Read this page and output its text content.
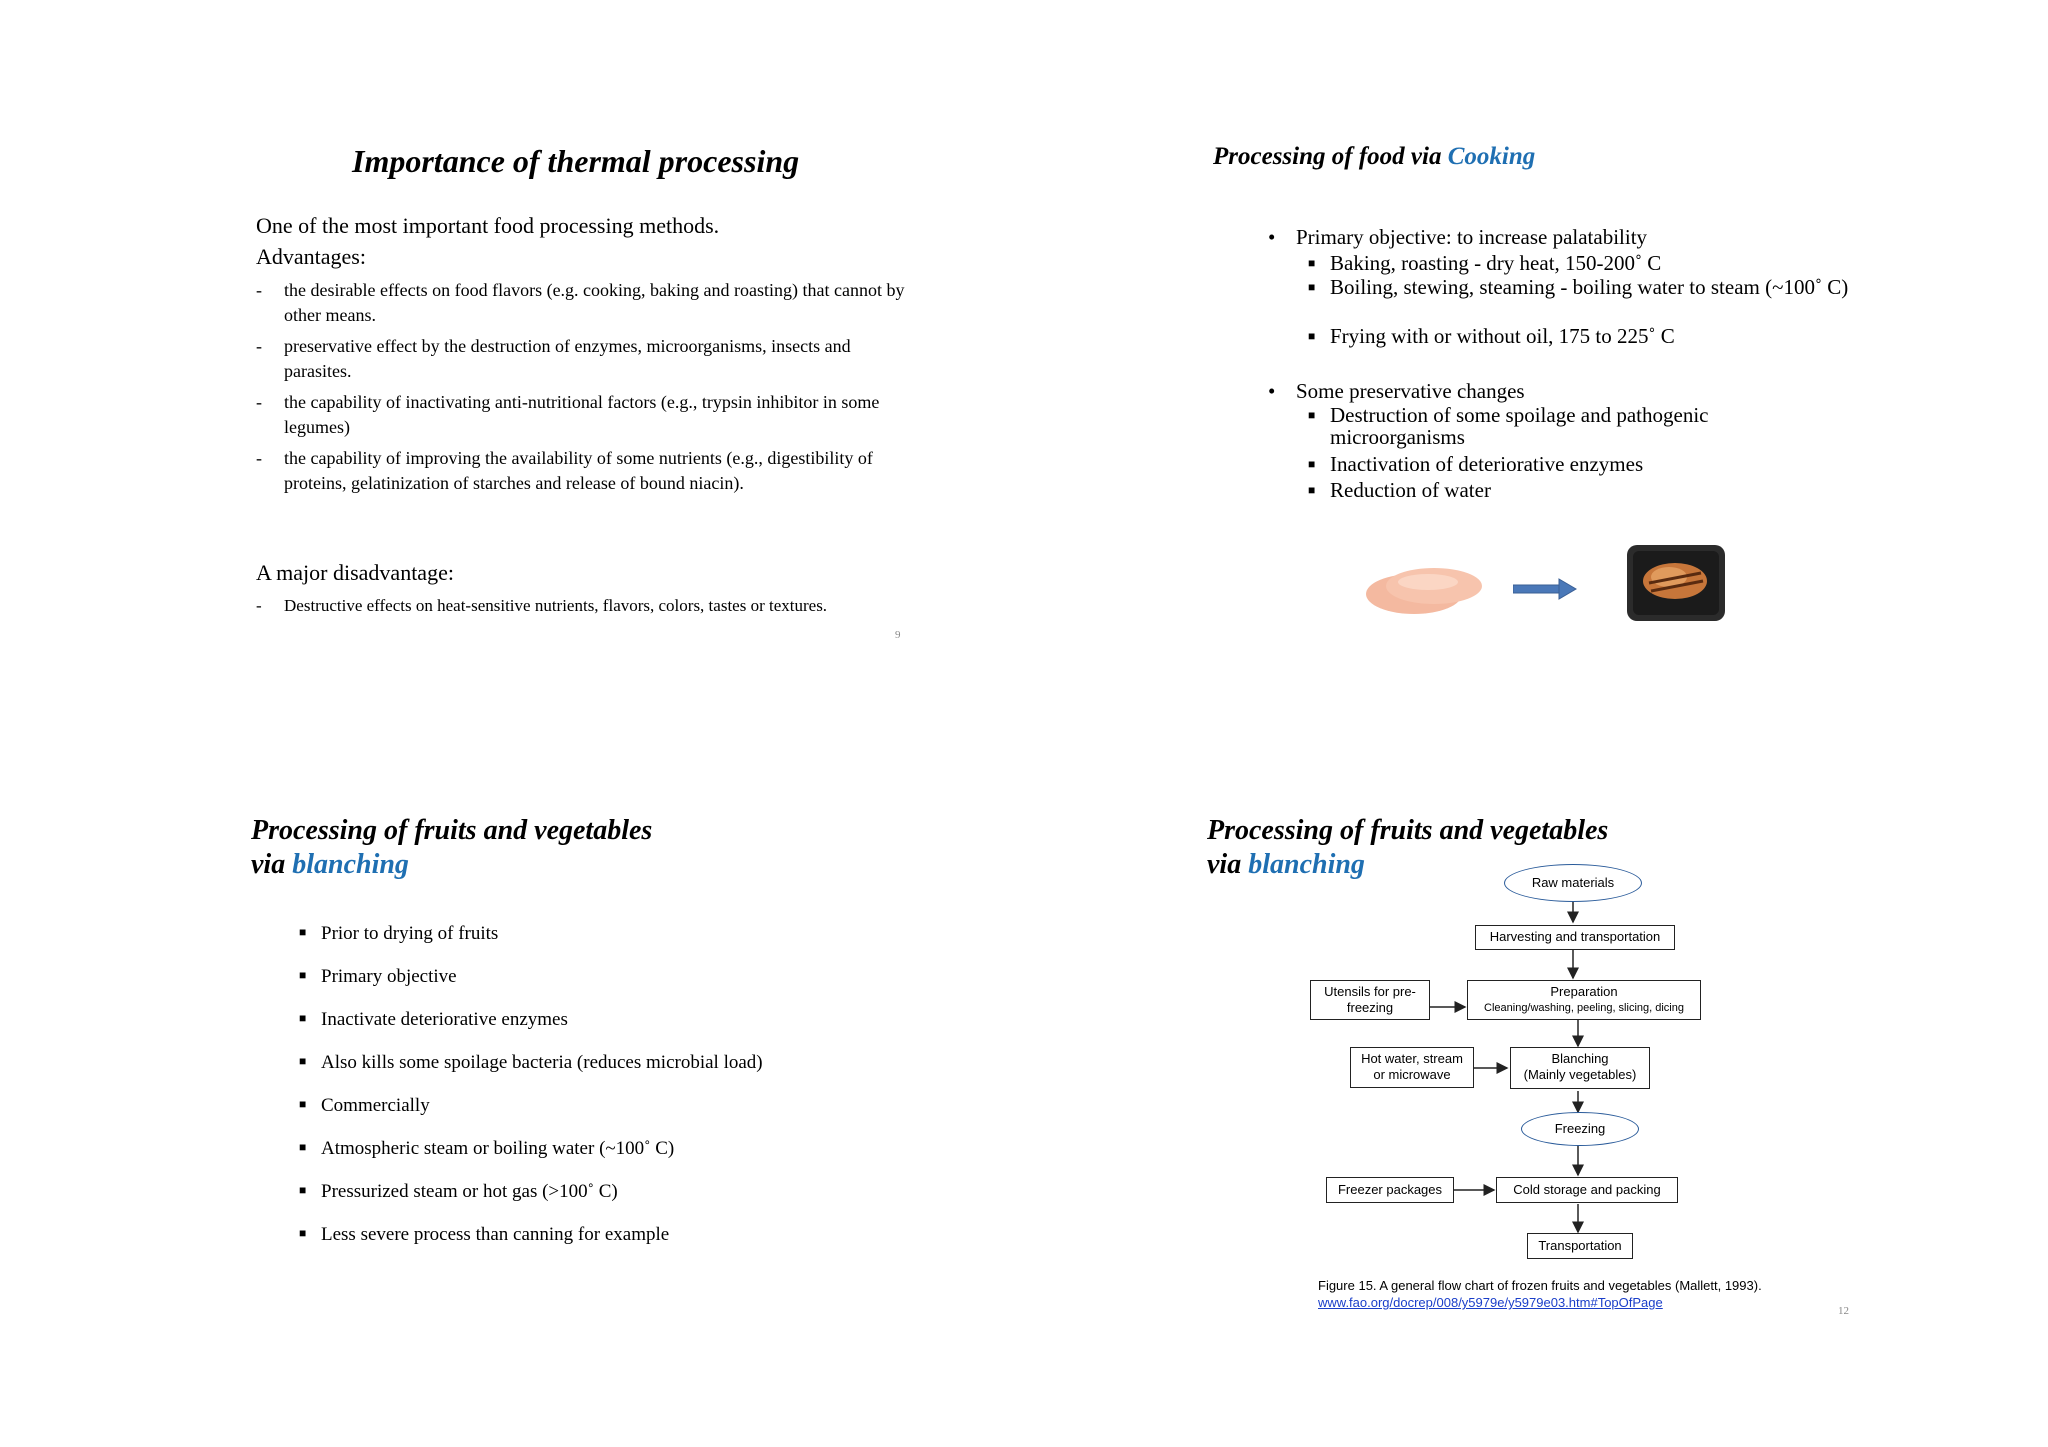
Importance of thermal processing
One of the most important food processing methods.
Advantages:
- the desirable effects on food flavors (e.g. cooking, baking and roasting) that cannot by other means.
- preservative effect by the destruction of enzymes, microorganisms, insects and parasites.
- the capability of inactivating anti-nutritional factors (e.g., trypsin inhibitor in some legumes)
- the capability of improving the availability of some nutrients (e.g., digestibility of proteins, gelatinization of starches and release of bound niacin).
A major disadvantage:
- Destructive effects on heat-sensitive nutrients, flavors, colors, tastes or textures.
9
Processing of food via Cooking
• Primary objective: to increase palatability
■ Baking, roasting - dry heat, 150-200˚ C
■ Boiling, stewing, steaming - boiling water to steam (~100˚ C)
■ Frying with or without oil, 175 to 225˚ C
• Some preservative changes
■ Destruction of some spoilage and pathogenic microorganisms
■ Inactivation of deteriorative enzymes
■ Reduction of water
Processing of fruits and vegetables
via blanching
■ Prior to drying of fruits
■ Primary objective
■ Inactivate deteriorative enzymes
■ Also kills some spoilage bacteria (reduces microbial load)
■ Commercially
■ Atmospheric steam or boiling water (~100˚ C)
■ Pressurized steam or hot gas (>100˚ C)
■ Less severe process than canning for example
Processing of fruits and vegetables
via blanching
Raw materials
Harvesting and transportation
Utensils for pre-
freezing
Preparation
Cleaning/washing, peeling, slicing, dicing
Hot water, stream
or microwave
Blanching
(Mainly vegetables)
Freezing
Freezer packages	Cold storage and packing
Transportation
Figure 15. A general flow chart of frozen fruits and vegetables (Mallett, 1993).
www.fao.org/docrep/008/y5979e/y5979e03.htm#TopOfPage
12
